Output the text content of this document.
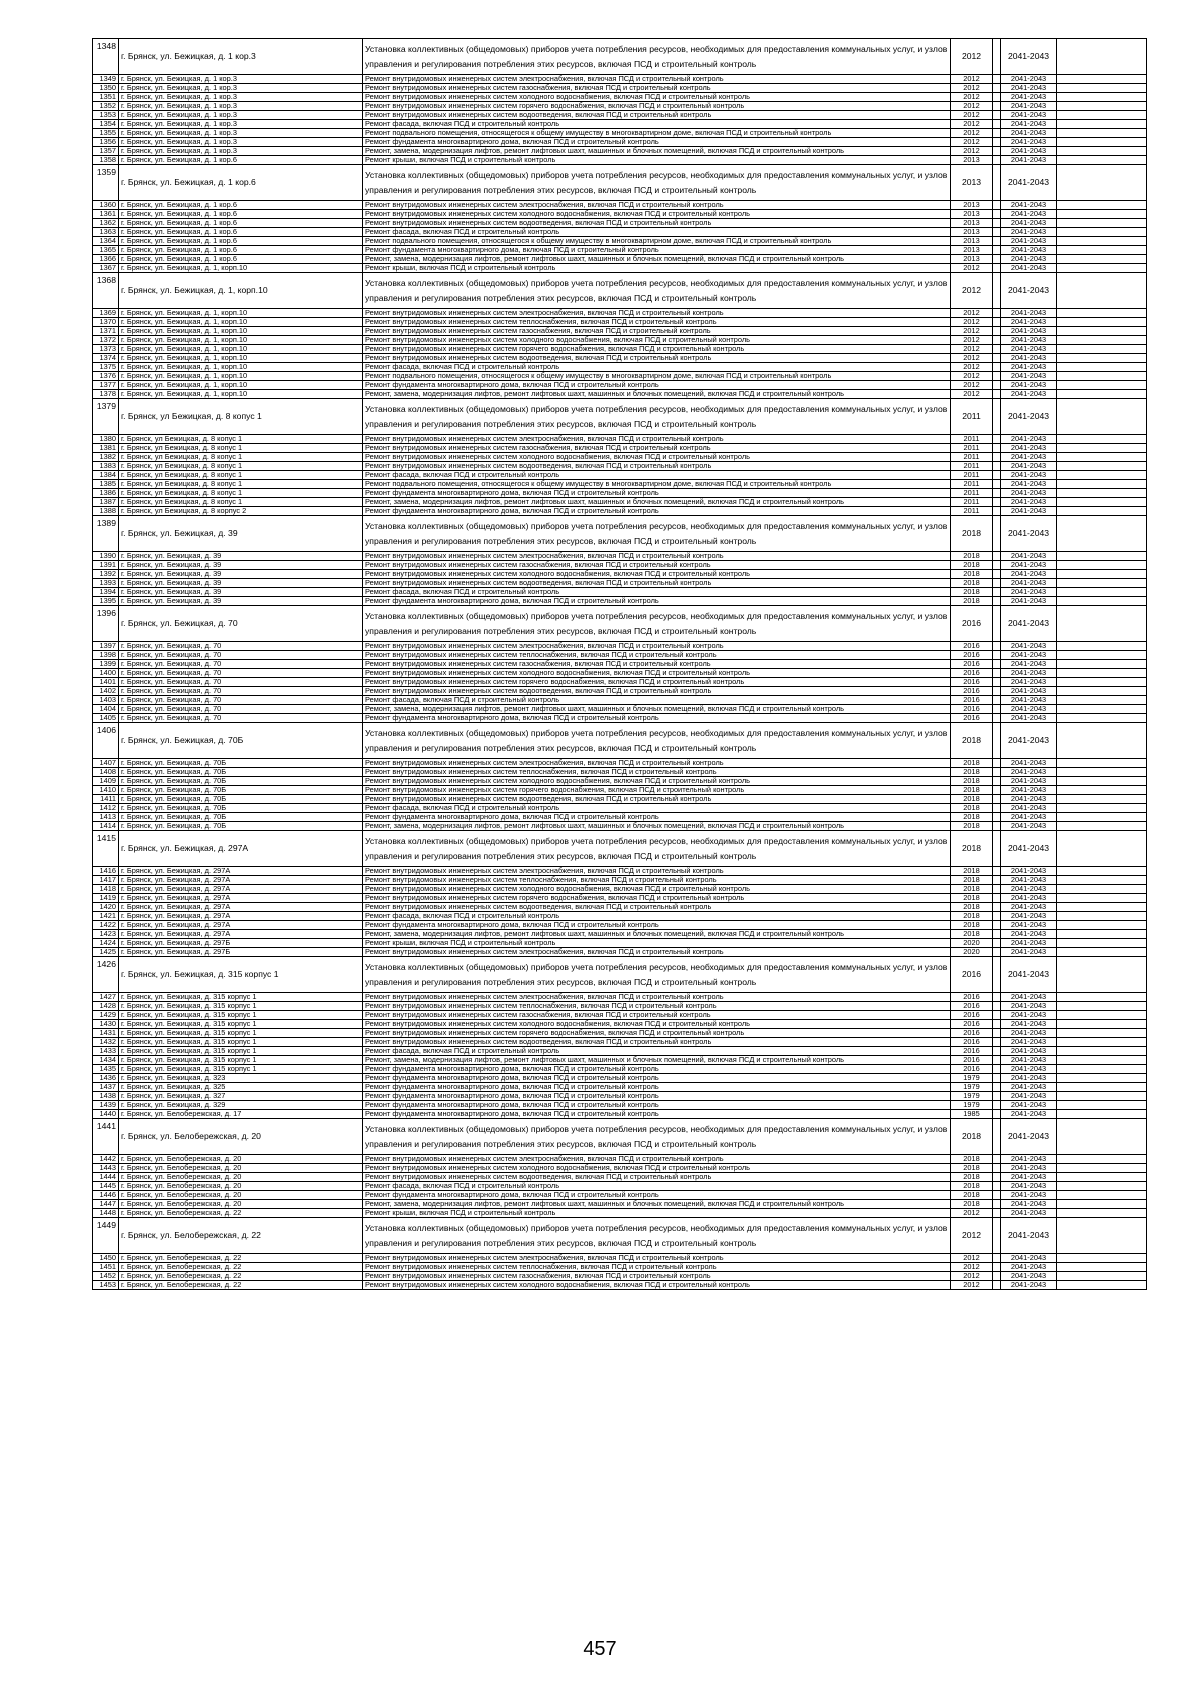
1348	г. Брянск, ул. Бежицкая, д. 1 кор.3	Установка коллективных (общедомовых) приборов учета потребления ресурсов, необходимых для предоставления коммунальных услуг, и узлов управления и регулирования потребления этих ресурсов, включая ПСД и строительный контроль	2012		2041-2043	
1349	г. Брянск, ул. Бежицкая, д. 1 кор.3	Ремонт внутридомовых инженерных систем электроснабжения, включая ПСД и строительный контроль	2012		2041-2043	
1350	г. Брянск, ул. Бежицкая, д. 1 кор.3	Ремонт внутридомовых инженерных систем газоснабжения, включая ПСД и строительный контроль	2012		2041-2043	
1351	г. Брянск, ул. Бежицкая, д. 1 кор.3	Ремонт внутридомовых инженерных систем холодного водоснабжения, включая ПСД и строительный контроль	2012		2041-2043	
1352	г. Брянск, ул. Бежицкая, д. 1 кор.3	Ремонт внутридомовых инженерных систем горячего водоснабжения, включая ПСД и строительный контроль	2012		2041-2043	
1353	г. Брянск, ул. Бежицкая, д. 1 кор.3	Ремонт внутридомовых инженерных систем водоотведения, включая ПСД и строительный контроль	2012		2041-2043	
1354	г. Брянск, ул. Бежицкая, д. 1 кор.3	Ремонт фасада, включая ПСД и строительный контроль	2012		2041-2043	
1355	г. Брянск, ул. Бежицкая, д. 1 кор.3	Ремонт подвального помещения, относящегося к общему имуществу в многоквартирном доме, включая ПСД и строительный контроль	2012		2041-2043	
1356	г. Брянск, ул. Бежицкая, д. 1 кор.3	Ремонт фундамента многоквартирного дома, включая ПСД и строительный контроль	2012		2041-2043	
1357	г. Брянск, ул. Бежицкая, д. 1 кор.3	Ремонт, замена, модернизация лифтов, ремонт лифтовых шахт, машинных и блочных помещений, включая ПСД и строительный контроль	2012		2041-2043	
1358	г. Брянск, ул. Бежицкая, д. 1 кор.6	Ремонт крыши, включая ПСД и строительный контроль	2013		2041-2043	
1359	г. Брянск, ул. Бежицкая, д. 1 кор.6	Установка коллективных (общедомовых) приборов учета потребления ресурсов, необходимых для предоставления коммунальных услуг, и узлов управления и регулирования потребления этих ресурсов, включая ПСД и строительный контроль	2013		2041-2043	
1360	г. Брянск, ул. Бежицкая, д. 1 кор.6	Ремонт внутридомовых инженерных систем электроснабжения, включая ПСД и строительный контроль	2013		2041-2043	
1361	г. Брянск, ул. Бежицкая, д. 1 кор.6	Ремонт внутридомовых инженерных систем холодного водоснабжения, включая ПСД и строительный контроль	2013		2041-2043	
1362	г. Брянск, ул. Бежицкая, д. 1 кор.6	Ремонт внутридомовых инженерных систем водоотведения, включая ПСД и строительный контроль	2013		2041-2043	
1363	г. Брянск, ул. Бежицкая, д. 1 кор.6	Ремонт фасада, включая ПСД и строительный контроль	2013		2041-2043	
1364	г. Брянск, ул. Бежицкая, д. 1 кор.6	Ремонт подвального помещения, относящегося к общему имуществу в многоквартирном доме, включая ПСД и строительный контроль	2013		2041-2043	
1365	г. Брянск, ул. Бежицкая, д. 1 кор.6	Ремонт фундамента многоквартирного дома, включая ПСД и строительный контроль	2013		2041-2043	
1366	г. Брянск, ул. Бежицкая, д. 1 кор.6	Ремонт, замена, модернизация лифтов, ремонт лифтовых шахт, машинных и блочных помещений, включая ПСД и строительный контроль	2013		2041-2043	
1367	г. Брянск, ул. Бежицкая, д. 1, корп.10	Ремонт крыши, включая ПСД и строительный контроль	2012		2041-2043	
1368	г. Брянск, ул. Бежицкая, д. 1, корп.10	Установка коллективных (общедомовых) приборов учета потребления ресурсов, необходимых для предоставления коммунальных услуг, и узлов управления и регулирования потребления этих ресурсов, включая ПСД и строительный контроль	2012		2041-2043	
1369	г. Брянск, ул. Бежицкая, д. 1, корп.10	Ремонт внутридомовых инженерных систем электроснабжения, включая ПСД и строительный контроль	2012		2041-2043	
1370	г. Брянск, ул. Бежицкая, д. 1, корп.10	Ремонт внутридомовых инженерных систем теплоснабжения, включая ПСД и строительный контроль	2012		2041-2043	
1371	г. Брянск, ул. Бежицкая, д. 1, корп.10	Ремонт внутридомовых инженерных систем газоснабжения, включая ПСД и строительный контроль	2012		2041-2043	
1372	г. Брянск, ул. Бежицкая, д. 1, корп.10	Ремонт внутридомовых инженерных систем холодного водоснабжения, включая ПСД и строительный контроль	2012		2041-2043	
1373	г. Брянск, ул. Бежицкая, д. 1, корп.10	Ремонт внутридомовых инженерных систем горячего водоснабжения, включая ПСД и строительный контроль	2012		2041-2043	
1374	г. Брянск, ул. Бежицкая, д. 1, корп.10	Ремонт внутридомовых инженерных систем водоотведения, включая ПСД и строительный контроль	2012		2041-2043	
1375	г. Брянск, ул. Бежицкая, д. 1, корп.10	Ремонт фасада, включая ПСД и строительный контроль	2012		2041-2043	
1376	г. Брянск, ул. Бежицкая, д. 1, корп.10	Ремонт подвального помещения, относящегося к общему имуществу в многоквартирном доме, включая ПСД и строительный контроль	2012		2041-2043	
1377	г. Брянск, ул. Бежицкая, д. 1, корп.10	Ремонт фундамента многоквартирного дома, включая ПСД и строительный контроль	2012		2041-2043	
1378	г. Брянск, ул. Бежицкая, д. 1, корп.10	Ремонт, замена, модернизация лифтов, ремонт лифтовых шахт, машинных и блочных помещений, включая ПСД и строительный контроль	2012		2041-2043	
1379	г. Брянск, ул Бежицкая, д. 8 копус 1	Установка коллективных (общедомовых) приборов учета потребления ресурсов, необходимых для предоставления коммунальных услуг, и узлов управления и регулирования потребления этих ресурсов, включая ПСД и строительный контроль	2011		2041-2043	
1380	г. Брянск, ул Бежицкая, д. 8 копус 1	Ремонт внутридомовых инженерных систем электроснабжения, включая ПСД и строительный контроль	2011		2041-2043	
1381	г. Брянск, ул Бежицкая, д. 8 копус 1	Ремонт внутридомовых инженерных систем газоснабжения, включая ПСД и строительный контроль	2011		2041-2043	
1382	г. Брянск, ул Бежицкая, д. 8 копус 1	Ремонт внутридомовых инженерных систем холодного водоснабжения, включая ПСД и строительный контроль	2011		2041-2043	
1383	г. Брянск, ул Бежицкая, д. 8 копус 1	Ремонт внутридомовых инженерных систем водоотведения, включая ПСД и строительный контроль	2011		2041-2043	
1384	г. Брянск, ул Бежицкая, д. 8 копус 1	Ремонт фасада, включая ПСД и строительный контроль	2011		2041-2043	
1385	г. Брянск, ул Бежицкая, д. 8 копус 1	Ремонт подвального помещения, относящегося к общему имуществу в многоквартирном доме, включая ПСД и строительный контроль	2011		2041-2043	
1386	г. Брянск, ул Бежицкая, д. 8 копус 1	Ремонт фундамента многоквартирного дома, включая ПСД и строительный контроль	2011		2041-2043	
1387	г. Брянск, ул Бежицкая, д. 8 копус 1	Ремонт, замена, модернизация лифтов, ремонт лифтовых шахт, машинных и блочных помещений, включая ПСД и строительный контроль	2011		2041-2043	
1388	г. Брянск, ул Бежицкая, д. 8 корпус 2	Ремонт фундамента многоквартирного дома, включая ПСД и строительный контроль	2011		2041-2043	
1389	г. Брянск, ул. Бежицкая, д. 39	Установка коллективных (общедомовых) приборов учета потребления ресурсов, необходимых для предоставления коммунальных услуг, и узлов управления и регулирования потребления этих ресурсов, включая ПСД и строительный контроль	2018		2041-2043	
1390	г. Брянск, ул. Бежицкая, д. 39	Ремонт внутридомовых инженерных систем электроснабжения, включая ПСД и строительный контроль	2018		2041-2043	
1391	г. Брянск, ул. Бежицкая, д. 39	Ремонт внутридомовых инженерных систем газоснабжения, включая ПСД и строительный контроль	2018		2041-2043	
1392	г. Брянск, ул. Бежицкая, д. 39	Ремонт внутридомовых инженерных систем холодного водоснабжения, включая ПСД и строительный контроль	2018		2041-2043	
1393	г. Брянск, ул. Бежицкая, д. 39	Ремонт внутридомовых инженерных систем водоотведения, включая ПСД и строительный контроль	2018		2041-2043	
1394	г. Брянск, ул. Бежицкая, д. 39	Ремонт фасада, включая ПСД и строительный контроль	2018		2041-2043	
1395	г. Брянск, ул. Бежицкая, д. 39	Ремонт фундамента многоквартирного дома, включая ПСД и строительный контроль	2018		2041-2043	
1396	г. Брянск, ул. Бежицкая, д. 70	Установка коллективных (общедомовых) приборов учета потребления ресурсов, необходимых для предоставления коммунальных услуг, и узлов управления и регулирования потребления этих ресурсов, включая ПСД и строительный контроль	2016		2041-2043	
1397	г. Брянск, ул. Бежицкая, д. 70	Ремонт внутридомовых инженерных систем электроснабжения, включая ПСД и строительный контроль	2016		2041-2043	
1398	г. Брянск, ул. Бежицкая, д. 70	Ремонт внутридомовых инженерных систем теплоснабжения, включая ПСД и строительный контроль	2016		2041-2043	
1399	г. Брянск, ул. Бежицкая, д. 70	Ремонт внутридомовых инженерных систем газоснабжения, включая ПСД и строительный контроль	2016		2041-2043	
1400	г. Брянск, ул. Бежицкая, д. 70	Ремонт внутридомовых инженерных систем холодного водоснабжения, включая ПСД и строительный контроль	2016		2041-2043	
1401	г. Брянск, ул. Бежицкая, д. 70	Ремонт внутридомовых инженерных систем горячего водоснабжения, включая ПСД и строительный контроль	2016		2041-2043	
1402	г. Брянск, ул. Бежицкая, д. 70	Ремонт внутридомовых инженерных систем водоотведения, включая ПСД и строительный контроль	2016		2041-2043	
1403	г. Брянск, ул. Бежицкая, д. 70	Ремонт фасада, включая ПСД и строительный контроль	2016		2041-2043	
1404	г. Брянск, ул. Бежицкая, д. 70	Ремонт, замена, модернизация лифтов, ремонт лифтовых шахт, машинных и блочных помещений, включая ПСД и строительный контроль	2016		2041-2043	
1405	г. Брянск, ул. Бежицкая, д. 70	Ремонт фундамента многоквартирного дома, включая ПСД и строительный контроль	2016		2041-2043	
1406	г. Брянск, ул. Бежицкая, д. 70Б	Установка коллективных (общедомовых) приборов учета потребления ресурсов, необходимых для предоставления коммунальных услуг, и узлов управления и регулирования потребления этих ресурсов, включая ПСД и строительный контроль	2018		2041-2043	
1407	г. Брянск, ул. Бежицкая, д. 70Б	Ремонт внутридомовых инженерных систем электроснабжения, включая ПСД и строительный контроль	2018		2041-2043	
1408	г. Брянск, ул. Бежицкая, д. 70Б	Ремонт внутридомовых инженерных систем теплоснабжения, включая ПСД и строительный контроль	2018		2041-2043	
1409	г. Брянск, ул. Бежицкая, д. 70Б	Ремонт внутридомовых инженерных систем холодного водоснабжения, включая ПСД и строительный контроль	2018		2041-2043	
1410	г. Брянск, ул. Бежицкая, д. 70Б	Ремонт внутридомовых инженерных систем горячего водоснабжения, включая ПСД и строительный контроль	2018		2041-2043	
1411	г. Брянск, ул. Бежицкая, д. 70Б	Ремонт внутридомовых инженерных систем водоотведения, включая ПСД и строительный контроль	2018		2041-2043	
1412	г. Брянск, ул. Бежицкая, д. 70Б	Ремонт фасада, включая ПСД и строительный контроль	2018		2041-2043	
1413	г. Брянск, ул. Бежицкая, д. 70Б	Ремонт фундамента многоквартирного дома, включая ПСД и строительный контроль	2018		2041-2043	
1414	г. Брянск, ул. Бежицкая, д. 70Б	Ремонт, замена, модернизация лифтов, ремонт лифтовых шахт, машинных и блочных помещений, включая ПСД и строительный контроль	2018		2041-2043	
1415	г. Брянск, ул. Бежицкая, д. 297А	Установка коллективных (общедомовых) приборов учета потребления ресурсов, необходимых для предоставления коммунальных услуг, и узлов управления и регулирования потребления этих ресурсов, включая ПСД и строительный контроль	2018		2041-2043	
1416	г. Брянск, ул. Бежицкая, д. 297А	Ремонт внутридомовых инженерных систем электроснабжения, включая ПСД и строительный контроль	2018		2041-2043	
1417	г. Брянск, ул. Бежицкая, д. 297А	Ремонт внутридомовых инженерных систем теплоснабжения, включая ПСД и строительный контроль	2018		2041-2043	
1418	г. Брянск, ул. Бежицкая, д. 297А	Ремонт внутридомовых инженерных систем холодного водоснабжения, включая ПСД и строительный контроль	2018		2041-2043	
1419	г. Брянск, ул. Бежицкая, д. 297А	Ремонт внутридомовых инженерных систем горячего водоснабжения, включая ПСД и строительный контроль	2018		2041-2043	
1420	г. Брянск, ул. Бежицкая, д. 297А	Ремонт внутридомовых инженерных систем водоотведения, включая ПСД и строительный контроль	2018		2041-2043	
1421	г. Брянск, ул. Бежицкая, д. 297А	Ремонт фасада, включая ПСД и строительный контроль	2018		2041-2043	
1422	г. Брянск, ул. Бежицкая, д. 297А	Ремонт фундамента многоквартирного дома, включая ПСД и строительный контроль	2018		2041-2043	
1423	г. Брянск, ул. Бежицкая, д. 297А	Ремонт, замена, модернизация лифтов, ремонт лифтовых шахт, машинных и блочных помещений, включая ПСД и строительный контроль	2018		2041-2043	
1424	г. Брянск, ул. Бежицкая, д. 297Б	Ремонт крыши, включая ПСД и строительный контроль	2020		2041-2043	
1425	г. Брянск, ул. Бежицкая, д. 297Б	Ремонт внутридомовых инженерных систем электроснабжения, включая ПСД и строительный контроль	2020		2041-2043	
1426	г. Брянск, ул. Бежицкая, д. 315 корпус 1	Установка коллективных (общедомовых) приборов учета потребления ресурсов, необходимых для предоставления коммунальных услуг, и узлов управления и регулирования потребления этих ресурсов, включая ПСД и строительный контроль	2016		2041-2043	
1427	г. Брянск, ул. Бежицкая, д. 315 корпус 1	Ремонт внутридомовых инженерных систем электроснабжения, включая ПСД и строительный контроль	2016		2041-2043	
1428	г. Брянск, ул. Бежицкая, д. 315 корпус 1	Ремонт внутридомовых инженерных систем теплоснабжения, включая ПСД и строительный контроль	2016		2041-2043	
1429	г. Брянск, ул. Бежицкая, д. 315 корпус 1	Ремонт внутридомовых инженерных систем газоснабжения, включая ПСД и строительный контроль	2016		2041-2043	
1430	г. Брянск, ул. Бежицкая, д. 315 корпус 1	Ремонт внутридомовых инженерных систем холодного водоснабжения, включая ПСД и строительный контроль	2016		2041-2043	
1431	г. Брянск, ул. Бежицкая, д. 315 корпус 1	Ремонт внутридомовых инженерных систем горячего водоснабжения, включая ПСД и строительный контроль	2016		2041-2043	
1432	г. Брянск, ул. Бежицкая, д. 315 корпус 1	Ремонт внутридомовых инженерных систем водоотведения, включая ПСД и строительный контроль	2016		2041-2043	
1433	г. Брянск, ул. Бежицкая, д. 315 корпус 1	Ремонт фасада, включая ПСД и строительный контроль	2016		2041-2043	
1434	г. Брянск, ул. Бежицкая, д. 315 корпус 1	Ремонт, замена, модернизация лифтов, ремонт лифтовых шахт, машинных и блочных помещений, включая ПСД и строительный контроль	2016		2041-2043	
1435	г. Брянск, ул. Бежицкая, д. 315 корпус 1	Ремонт фундамента многоквартирного дома, включая ПСД и строительный контроль	2016		2041-2043	
1436	г. Брянск, ул. Бежицкая, д. 323	Ремонт фундамента многоквартирного дома, включая ПСД и строительный контроль	1979		2041-2043	
1437	г. Брянск, ул. Бежицкая, д. 325	Ремонт фундамента многоквартирного дома, включая ПСД и строительный контроль	1979		2041-2043	
1438	г. Брянск, ул. Бежицкая, д. 327	Ремонт фундамента многоквартирного дома, включая ПСД и строительный контроль	1979		2041-2043	
1439	г. Брянск, ул. Бежицкая, д. 329	Ремонт фундамента многоквартирного дома, включая ПСД и строительный контроль	1979		2041-2043	
1440	г. Брянск, ул. Белобережская, д. 17	Ремонт фундамента многоквартирного дома, включая ПСД и строительный контроль	1985		2041-2043	
1441	г. Брянск, ул. Белобережская, д. 20	Установка коллективных (общедомовых) приборов учета потребления ресурсов, необходимых для предоставления коммунальных услуг, и узлов управления и регулирования потребления этих ресурсов, включая ПСД и строительный контроль	2018		2041-2043	
1442	г. Брянск, ул. Белобережская, д. 20	Ремонт внутридомовых инженерных систем электроснабжения, включая ПСД и строительный контроль	2018		2041-2043	
1443	г. Брянск, ул. Белобережская, д. 20	Ремонт внутридомовых инженерных систем холодного водоснабжения, включая ПСД и строительный контроль	2018		2041-2043	
1444	г. Брянск, ул. Белобережская, д. 20	Ремонт внутридомовых инженерных систем водоотведения, включая ПСД и строительный контроль	2018		2041-2043	
1445	г. Брянск, ул. Белобережская, д. 20	Ремонт фасада, включая ПСД и строительный контроль	2018		2041-2043	
1446	г. Брянск, ул. Белобережская, д. 20	Ремонт фундамента многоквартирного дома, включая ПСД и строительный контроль	2018		2041-2043	
1447	г. Брянск, ул. Белобережская, д. 20	Ремонт, замена, модернизация лифтов, ремонт лифтовых шахт, машинных и блочных помещений, включая ПСД и строительный контроль	2018		2041-2043	
1448	г. Брянск, ул. Белобережская, д. 22	Ремонт крыши, включая ПСД и строительный контроль	2012		2041-2043	
1449	г. Брянск, ул. Белобережская, д. 22	Установка коллективных (общедомовых) приборов учета потребления ресурсов, необходимых для предоставления коммунальных услуг, и узлов управления и регулирования потребления этих ресурсов, включая ПСД и строительный контроль	2012		2041-2043	
1450	г. Брянск, ул. Белобережская, д. 22	Ремонт внутридомовых инженерных систем электроснабжения, включая ПСД и строительный контроль	2012		2041-2043	
1451	г. Брянск, ул. Белобережская, д. 22	Ремонт внутридомовых инженерных систем теплоснабжения, включая ПСД и строительный контроль	2012		2041-2043	
1452	г. Брянск, ул. Белобережская, д. 22	Ремонт внутридомовых инженерных систем газоснабжения, включая ПСД и строительный контроль	2012		2041-2043	
1453	г. Брянск, ул. Белобережская, д. 22	Ремонт внутридомовых инженерных систем холодного водоснабжения, включая ПСД и строительный контроль	2012		2041-2043	
457
